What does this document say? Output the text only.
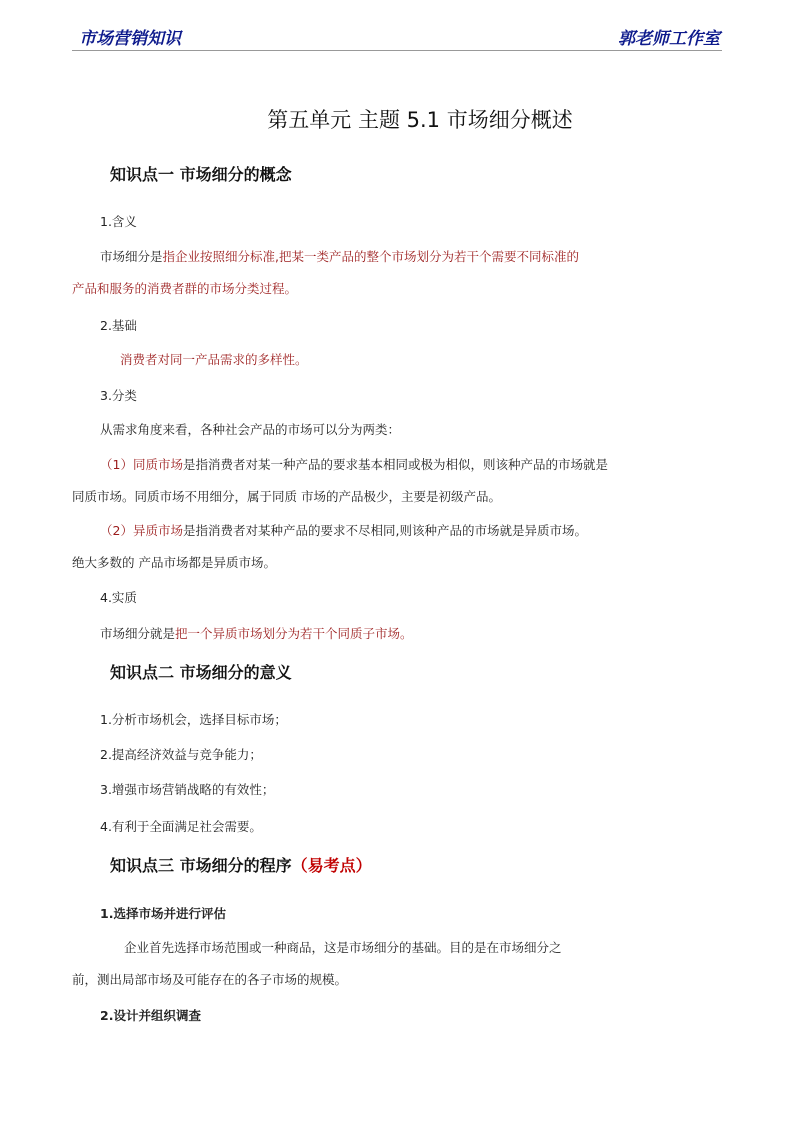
市场营销知识	郭老师工作室
第五单元 主题 5.1 市场细分概述
知识点一 市场细分的概念
1.含义
市场细分是指企业按照细分标准,把某一类产品的整个市场划分为若干个需要不同标准的
产品和服务的消费者群的市场分类过程。
2.基础
消费者对同一产品需求的多样性。
3.分类
从需求角度来看，各种社会产品的市场可以分为两类：
（1）同质市场是指消费者对某一种产品的要求基本相同或极为相似，则该种产品的市场就是
同质市场。同质市场不用细分，属于同质 市场的产品极少，主要是初级产品。
（2）异质市场是指消费者对某种产品的要求不尽相同,则该种产品的市场就是异质市场。
绝大多数的 产品市场都是异质市场。
4.实质
市场细分就是把一个异质市场划分为若干个同质子市场。
知识点二 市场细分的意义
1.分析市场机会，选择目标市场；
2.提高经济效益与竞争能力；
3.增强市场营销战略的有效性；
4.有利于全面满足社会需要。
知识点三 市场细分的程序（易考点）
1.选择市场并进行评估
企业首先选择市场范围或一种商品，这是市场细分的基础。目的是在市场细分之
前，测出局部市场及可能存在的各子市场的规模。
2.设计并组织调查
